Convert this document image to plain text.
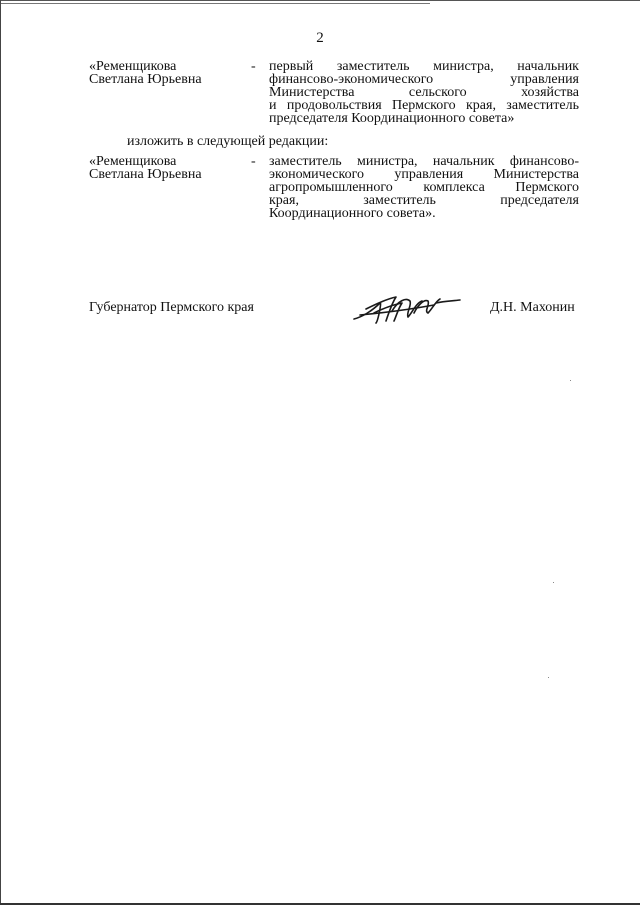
2
«Ременщикова
Светлана Юрьевна
- первый заместитель министра, начальник
финансово-экономического управления
Министерства сельского хозяйства
и продовольствия Пермского края, заместитель
председателя Координационного совета»
изложить в следующей редакции:
«Ременщикова
Светлана Юрьевна
- заместитель министра, начальник финансово-
экономического управления Министерства
агропромышленного комплекса Пермского
края, заместитель председателя
Координационного совета».
Губернатор Пермского края	Д.Н. Махонин
